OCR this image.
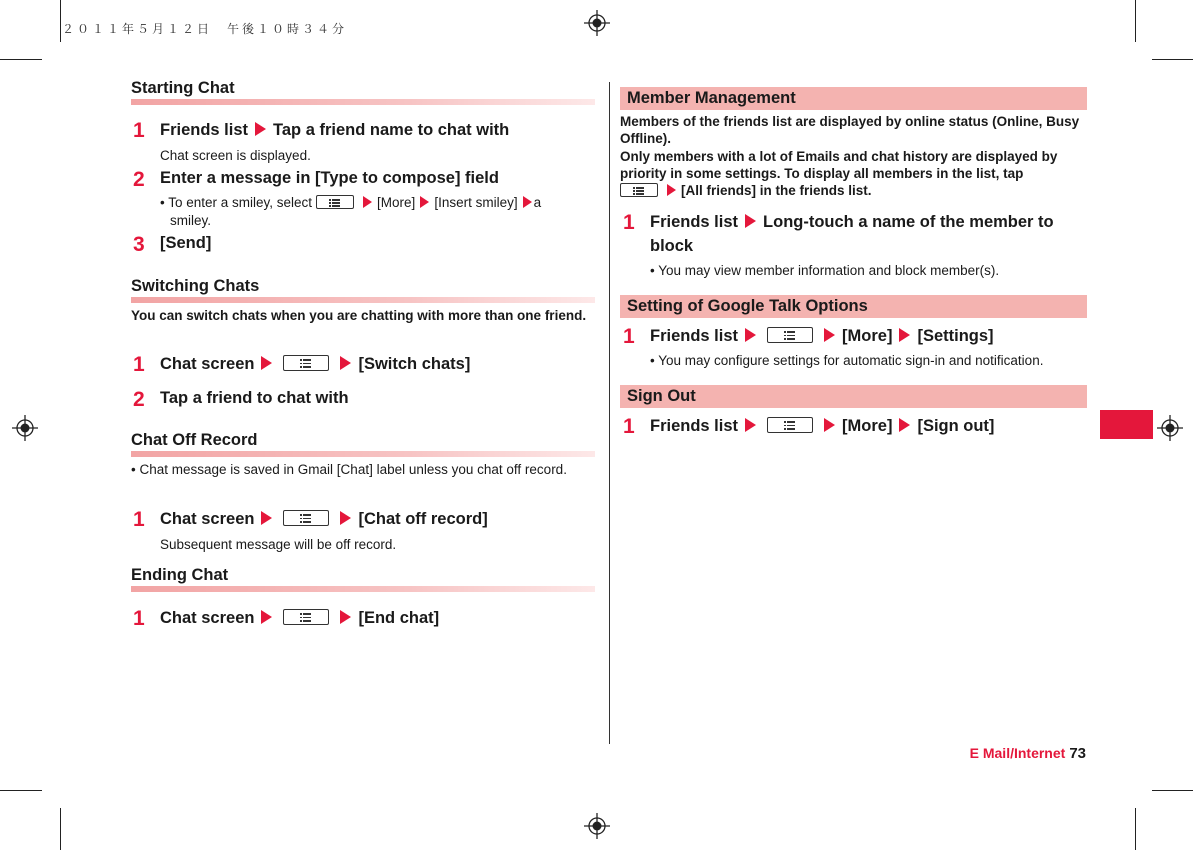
２０１１年５月１２日　午後１０時３４分
Starting Chat
1 Friends list Tap a friend name to chat with
Chat screen is displayed.
2 Enter a message in [Type to compose] field
• To enter a smiley, select	[More] [Insert smiley] a
smiley.
3 [Send]
Switching Chats
You can switch chats when you are chatting with more than one friend.
1 Chat screen	[Switch chats]
2 Tap a friend to chat with
Chat Off Record
• Chat message is saved in Gmail [Chat] label unless you chat off record.
1 Chat screen	[Chat off record]
Subsequent message will be off record.
Ending Chat
1 Chat screen	[End chat]
Member Management
Members of the friends list are displayed by online status (Online, Busy Offline).
Only members with a lot of Emails and chat history are displayed by priority in some settings. To display all members in the list, tap

[All friends] in the friends list.
1 Friends list Long-touch a name of the member to block
• You may view member information and block member(s).
Setting of Google Talk Options
1 Friends list	[More] [Settings]
• You may configure settings for automatic sign-in and notification.
Sign Out
1 Friends list	[More] [Sign out]
E Mail/Internet 73
